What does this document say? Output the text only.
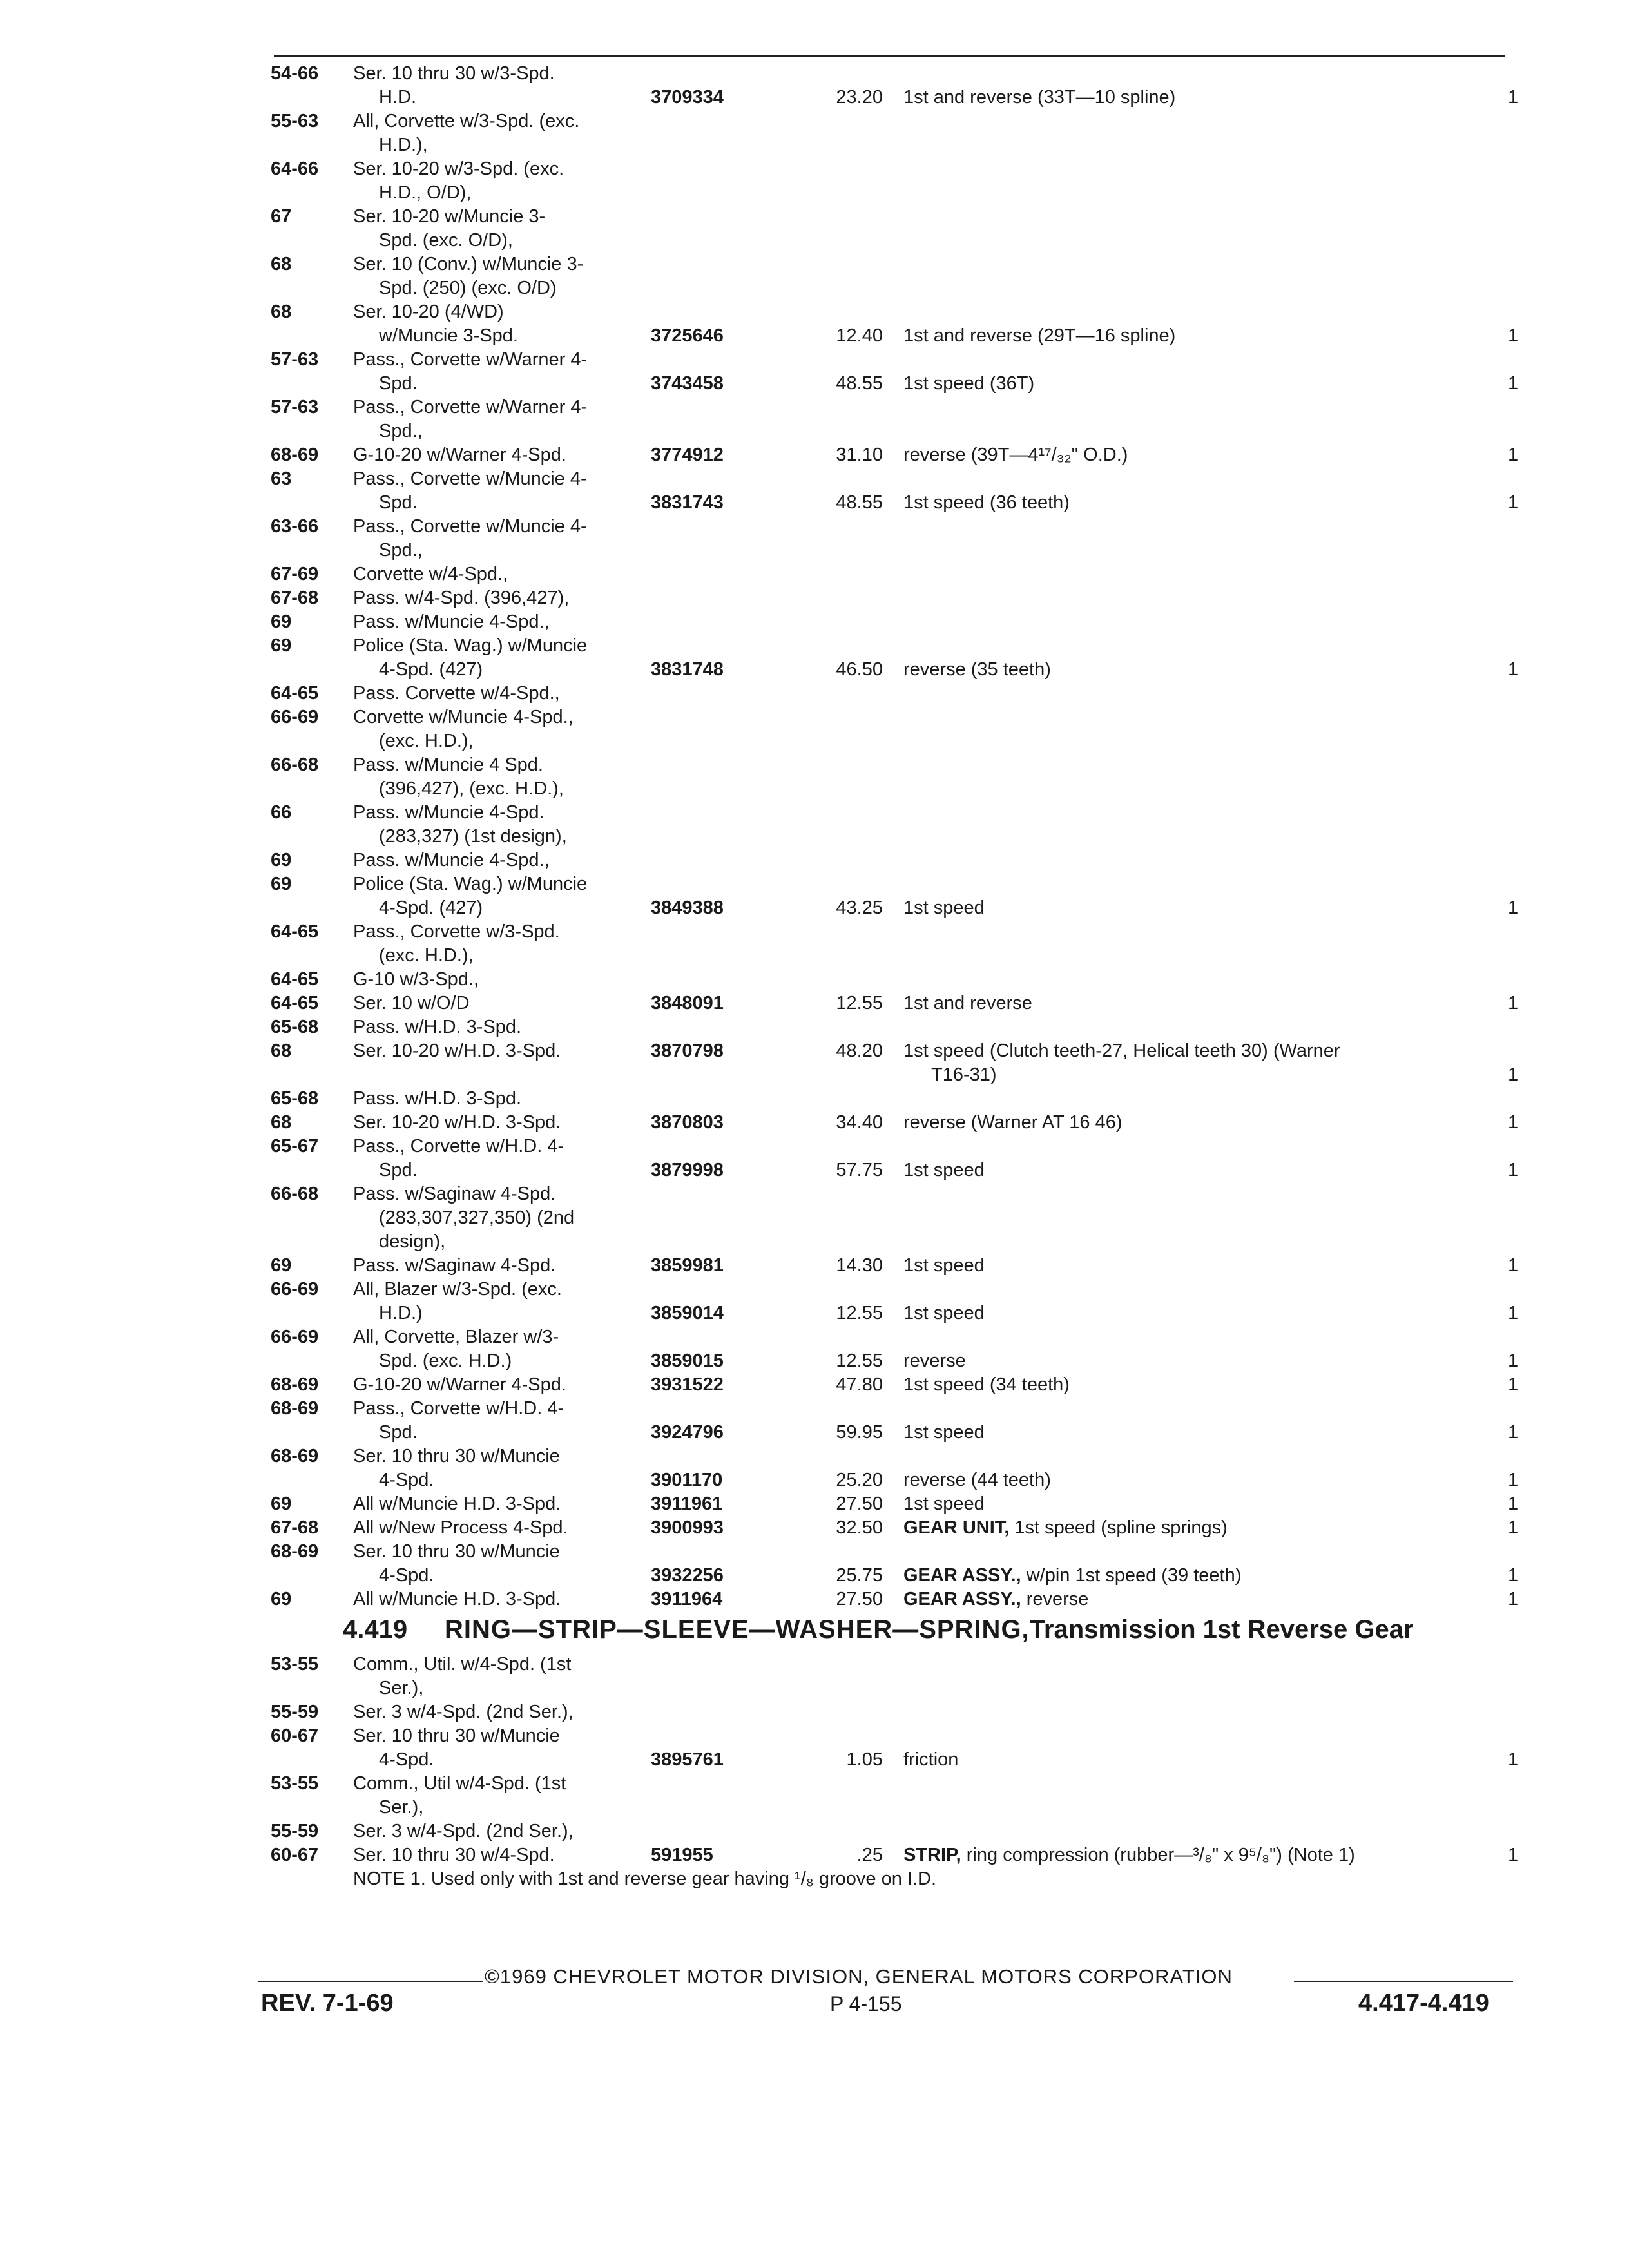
54-66	Ser. 10 thru 30 w/3-Spd.
H.D.	3709334	23.20 1st and reverse (33T—10 spline)	1
55-63	All, Corvette w/3-Spd. (exc.
H.D.),
64-66	Ser. 10-20 w/3-Spd. (exc.
H.D., O/D),
67	Ser. 10-20 w/Muncie 3-
Spd. (exc. O/D),
68	Ser. 10 (Conv.) w/Muncie 3-
Spd. (250) (exc. O/D)
68	Ser. 10-20 (4/WD)
w/Muncie 3-Spd.	3725646	12.40 1st and reverse (29T—16 spline)	1
57-63	Pass., Corvette w/Warner 4-
Spd.	3743458	48.55 1st speed (36T)	1
57-63	Pass., Corvette w/Warner 4-
Spd.,
68-69	G-10-20 w/Warner 4-Spd.	3774912	31.10 reverse (39T—4¹⁷/₃₂" O.D.)	1
63	Pass., Corvette w/Muncie 4-
Spd.	3831743	48.55 1st speed (36 teeth)	1
63-66	Pass., Corvette w/Muncie 4-
Spd.,
67-69	Corvette w/4-Spd.,
67-68	Pass. w/4-Spd. (396,427),
69	Pass. w/Muncie 4-Spd.,
69	Police (Sta. Wag.) w/Muncie
4-Spd. (427)	3831748	46.50 reverse (35 teeth)	1
64-65	Pass. Corvette w/4-Spd.,
66-69	Corvette w/Muncie 4-Spd.,
(exc. H.D.),
66-68	Pass. w/Muncie 4 Spd.
(396,427), (exc. H.D.),
66	Pass. w/Muncie 4-Spd.
(283,327) (1st design),
69	Pass. w/Muncie 4-Spd.,
69	Police (Sta. Wag.) w/Muncie
4-Spd. (427)	3849388	43.25 1st speed	1
64-65	Pass., Corvette w/3-Spd.
(exc. H.D.),
64-65	G-10 w/3-Spd.,
64-65	Ser. 10 w/O/D	3848091	12.55 1st and reverse	1
65-68	Pass. w/H.D. 3-Spd.
68	Ser. 10-20 w/H.D. 3-Spd.	3870798	48.20 1st speed (Clutch teeth-27, Helical teeth 30) (Warner
T16-31)	1
65-68	Pass. w/H.D. 3-Spd.
68	Ser. 10-20 w/H.D. 3-Spd.	3870803	34.40 reverse (Warner AT 16 46)	1
65-67	Pass., Corvette w/H.D. 4-
Spd.	3879998	57.75 1st speed	1
66-68	Pass. w/Saginaw 4-Spd.
(283,307,327,350) (2nd
design),
69	Pass. w/Saginaw 4-Spd.	3859981	14.30 1st speed	1
66-69	All, Blazer w/3-Spd. (exc.
H.D.)	3859014	12.55 1st speed	1
66-69	All, Corvette, Blazer w/3-
Spd. (exc. H.D.)	3859015	12.55 reverse	1
68-69	G-10-20 w/Warner 4-Spd.	3931522	47.80 1st speed (34 teeth)	1
68-69	Pass., Corvette w/H.D. 4-
Spd.	3924796	59.95 1st speed	1
68-69	Ser. 10 thru 30 w/Muncie
4-Spd.	3901170	25.20 reverse (44 teeth)	1
69	All w/Muncie H.D. 3-Spd.	3911961	27.50 1st speed	1
67-68	All w/New Process 4-Spd.	3900993	32.50 GEAR UNIT, 1st speed (spline springs)	1
68-69	Ser. 10 thru 30 w/Muncie
4-Spd.	3932256	25.75 GEAR ASSY., w/pin 1st speed (39 teeth)	1
69	All w/Muncie H.D. 3-Spd.	3911964	27.50 GEAR ASSY., reverse	1
4.419 RING—STRIP—SLEEVE—WASHER—SPRING, Transmission 1st Reverse Gear
53-55	Comm., Util. w/4-Spd. (1st
Ser.),
55-59	Ser. 3 w/4-Spd. (2nd Ser.),
60-67	Ser. 10 thru 30 w/Muncie
4-Spd.	3895761	1.05 friction	1
53-55	Comm., Util w/4-Spd. (1st
Ser.),
55-59	Ser. 3 w/4-Spd. (2nd Ser.),
60-67	Ser. 10 thru 30 w/4-Spd.	591955	.25 STRIP, ring compression (rubber—³/₈" x 9⁵/₈") (Note 1)	1
NOTE 1. Used only with 1st and reverse gear having ¹/₈ groove on I.D.
©1969 CHEVROLET MOTOR DIVISION, GENERAL MOTORS CORPORATION
REV. 7-1-69	P 4-155	4.417-4.419
